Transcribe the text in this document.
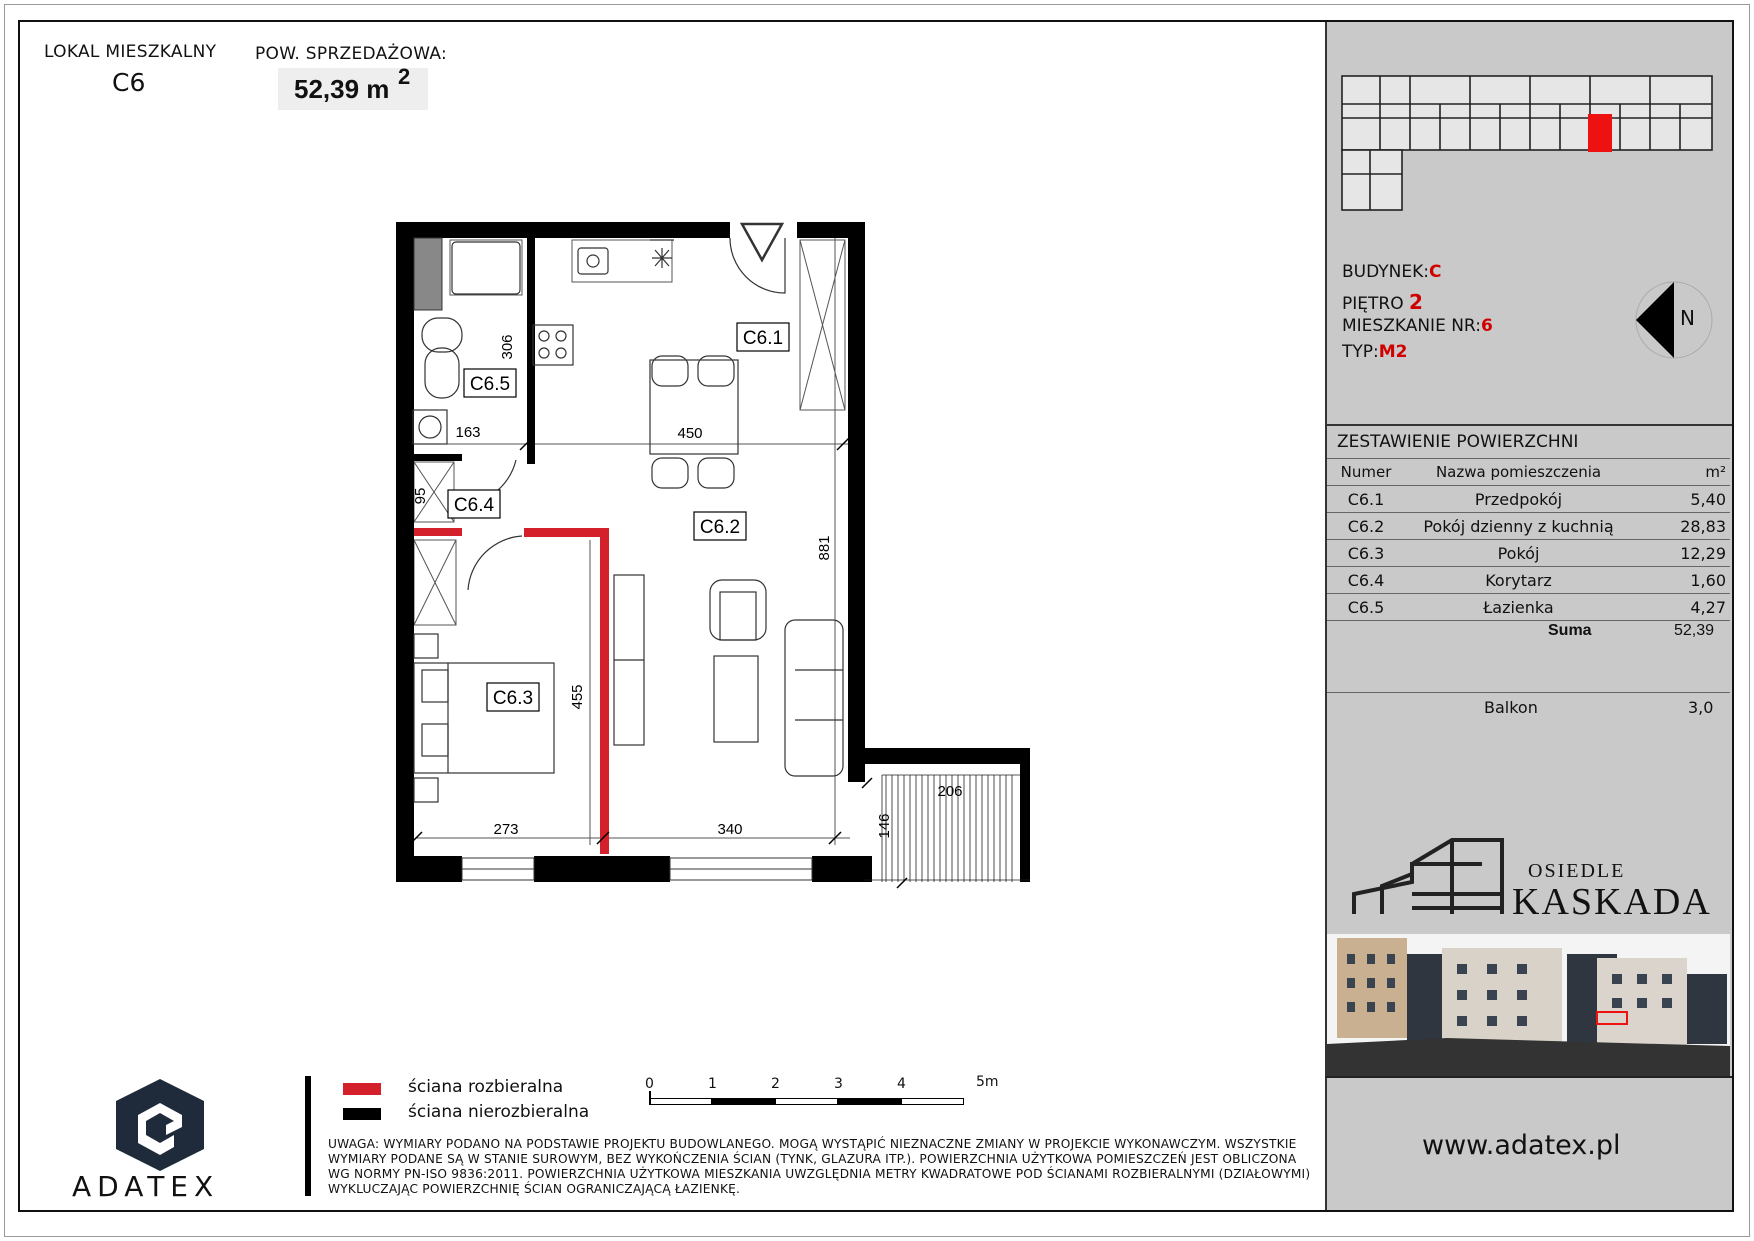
LOKAL MIESZKALNY
C6
POW. SPRZEDAŻOWA:
52,39 m 2
C6.1
C6.5
C6.4
C6.2
C6.3
450
163
273	340
206
306
95
881
455
146
ściana rozbieralna
ściana nierozbieralna
0	1	2	3	4	5m
UWAGA: WYMIARY PODANO NA PODSTAWIE PROJEKTU BUDOWLANEGO. MOGĄ WYSTĄPIĆ NIEZNACZNE ZMIANY W PROJEKCIE WYKONAWCZYM. WSZYSTKIE WYMIARY PODANE SĄ W STANIE SUROWYM, BEZ WYKOŃCZENIA ŚCIAN (TYNK, GLAZURA ITP.). POWIERZCHNIA UŻYTKOWA POMIESZCZEŃ JEST OBLICZONA WG NORMY PN-ISO 9836:2011. POWIERZCHNIA UŻYTKOWA MIESZKANIA UWZGLĘDNIA METRY KWADRATOWE POD ŚCIANAMI ROZBIERALNYMI (DZIAŁOWYMI) WYKLUCZAJĄC POWIERZCHNIĘ ŚCIAN OGRANICZAJĄCĄ ŁAZIENKĘ.
ADATEX
BUDYNEK:C
PIĘTRO 2
MIESZKANIE NR:6
TYP:M2
N
ZESTAWIENIE POWIERZCHNI
Numer	Nazwa pomieszczenia	m²
C6.1	Przedpokój	5,40
C6.2	Pokój dzienny z kuchnią	28,83
C6.3	Pokój	12,29
C6.4	Korytarz	1,60
C6.5	Łazienka	4,27
Suma	52,39
Balkon	3,0
OSIEDLE
KASKADA
www.adatex.pl
